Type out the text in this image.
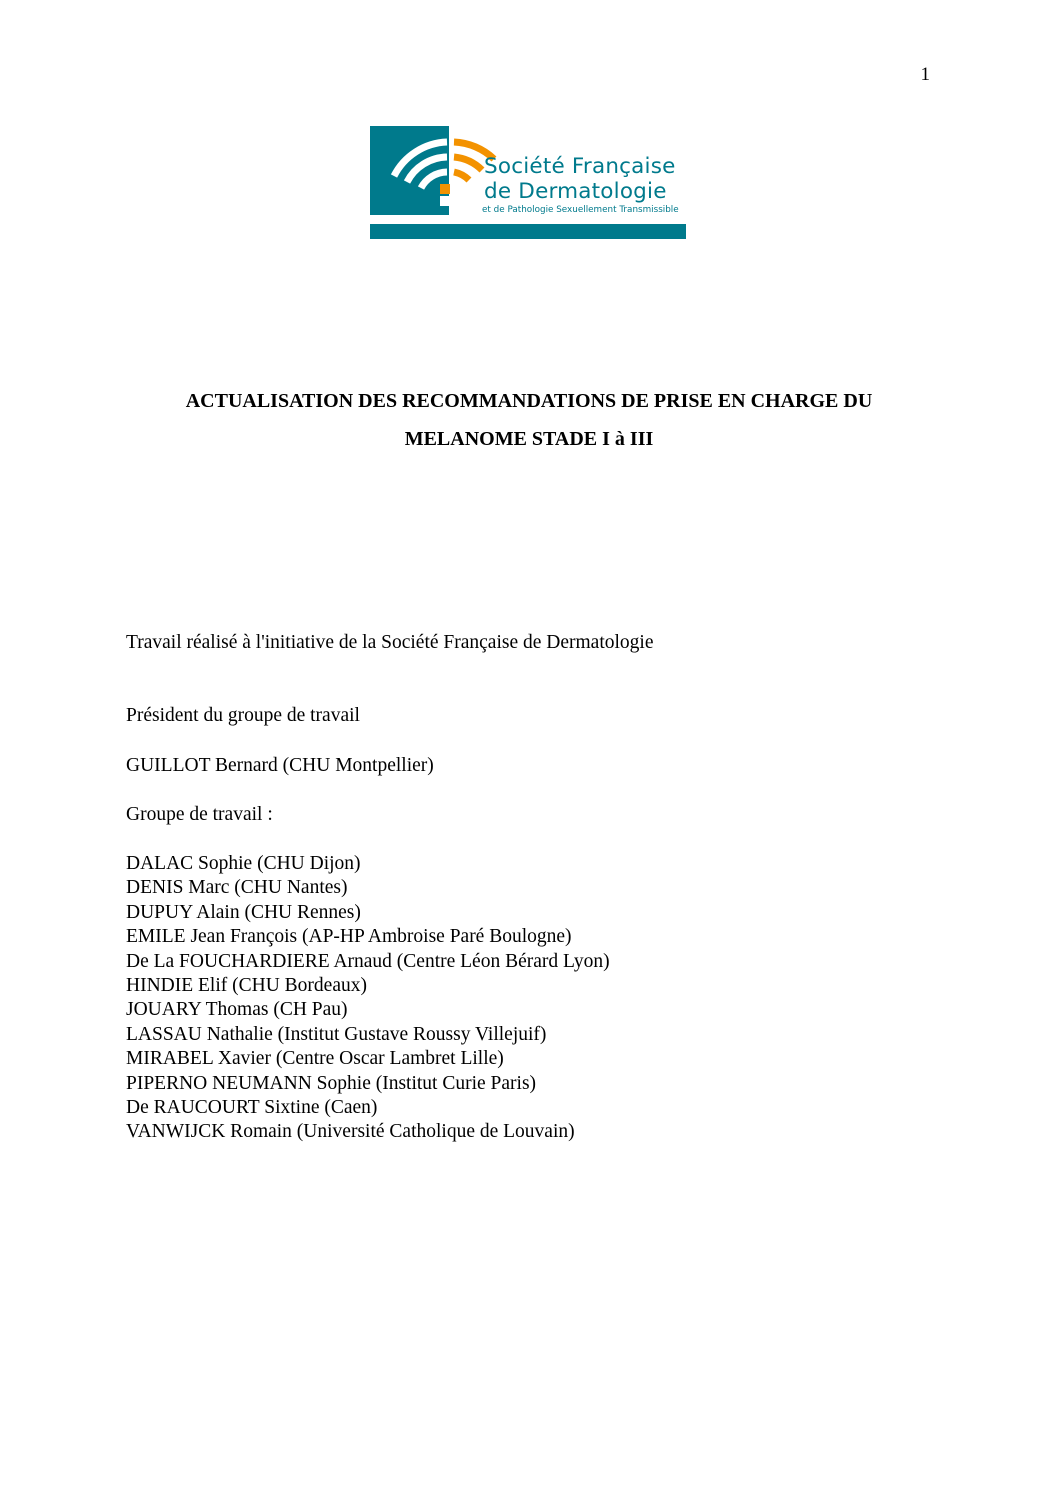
1
Société Française
de Dermatologie
et de Pathologie Sexuellement Transmissible
ACTUALISATION DES RECOMMANDATIONS DE PRISE EN CHARGE DU
MELANOME STADE I à III
Travail réalisé à l'initiative de la Société Française de Dermatologie
Président du groupe de travail
GUILLOT Bernard (CHU Montpellier)
Groupe de travail :
DALAC Sophie (CHU Dijon)
DENIS Marc (CHU Nantes)
DUPUY Alain (CHU Rennes)
EMILE Jean François (AP-HP Ambroise Paré Boulogne)
De La FOUCHARDIERE Arnaud (Centre Léon Bérard Lyon)
HINDIE Elif (CHU Bordeaux)
JOUARY Thomas (CH Pau)
LASSAU Nathalie (Institut Gustave Roussy Villejuif)
MIRABEL Xavier (Centre Oscar Lambret Lille)
PIPERNO NEUMANN Sophie (Institut Curie Paris)
De RAUCOURT Sixtine (Caen)
VANWIJCK Romain (Université Catholique de Louvain)
